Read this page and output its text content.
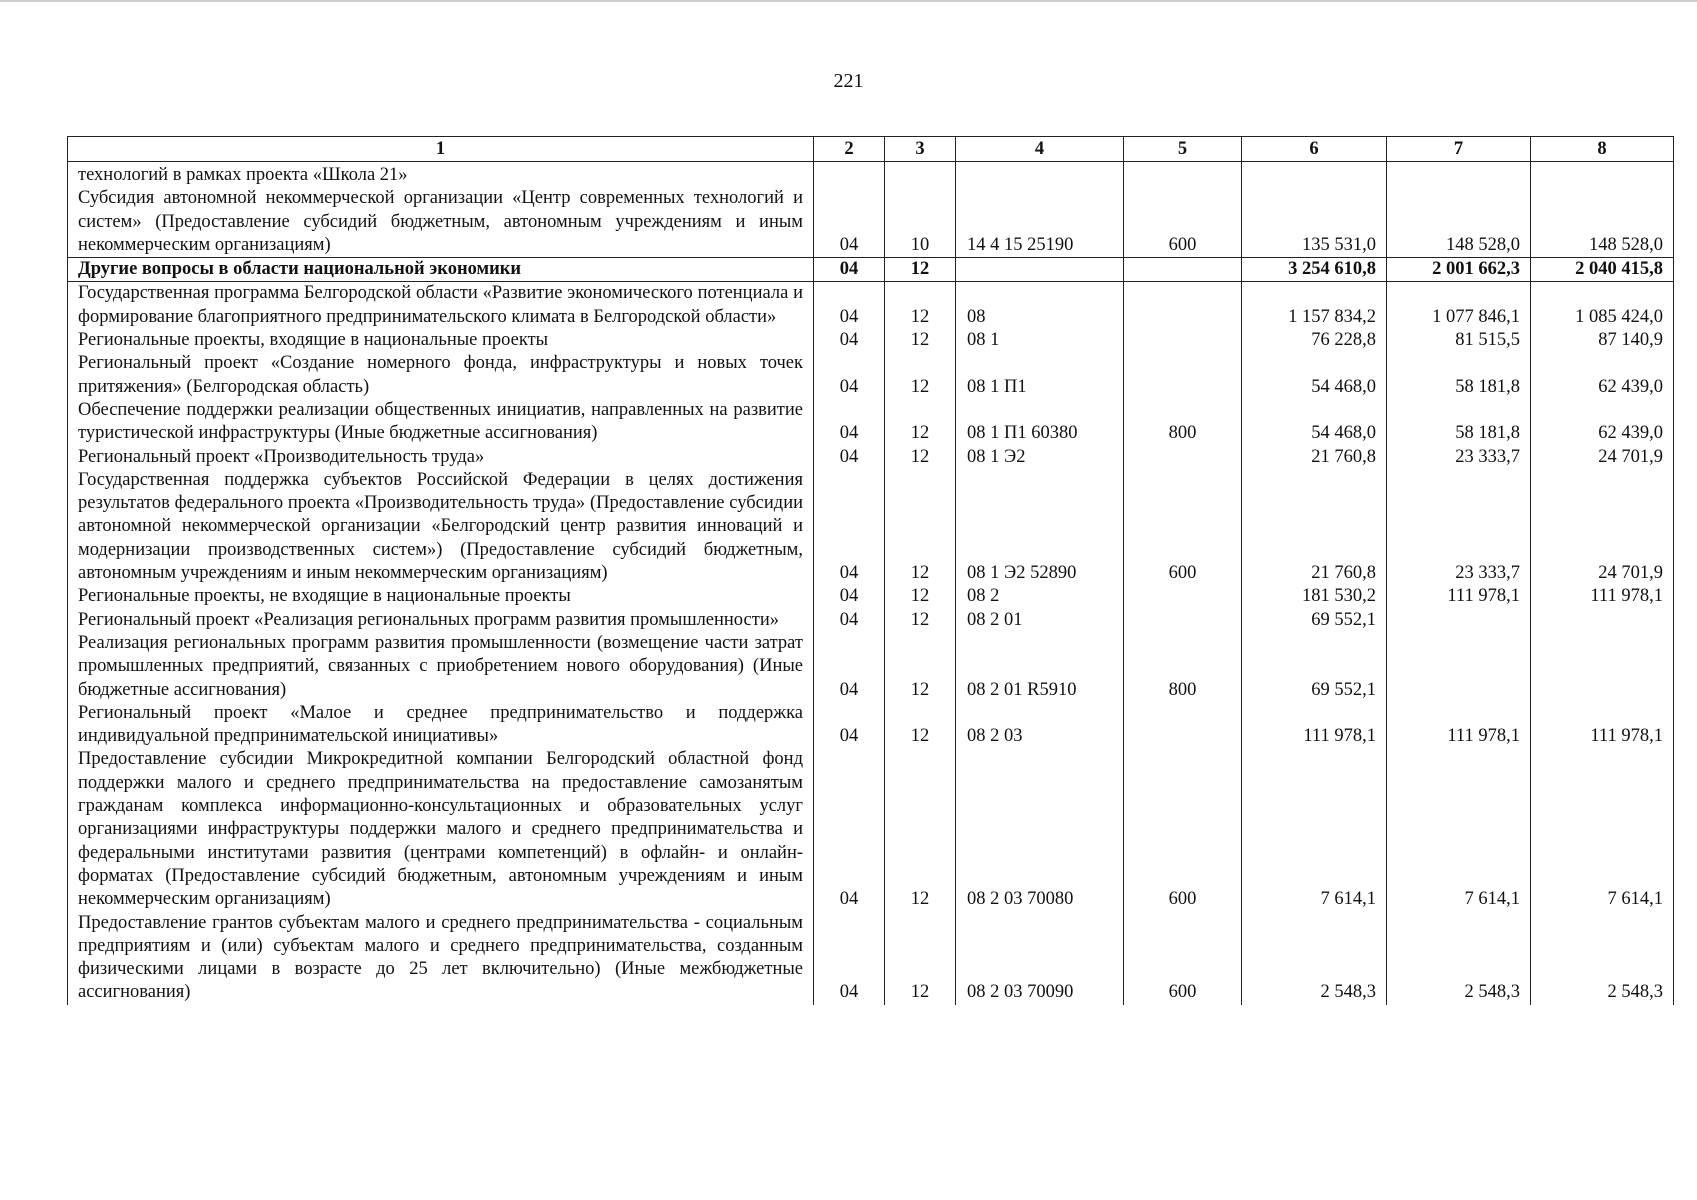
221
1	2	3	4	5	6	7	8

технологий в рамках проекта «Школа 21»
Субсидия автономной некоммерческой организации «Центр современных технологий и систем» (Предоставление субсидий бюджетным, автономным учреждениям и иным некоммерческим организациям)	04	10	14 4 15 25190	600	135 531,0	148 528,0	148 528,0
Другие вопросы в области национальной экономики	04	12			3 254 610,8	2 001 662,3	2 040 415,8
Государственная программа Белгородской области «Развитие экономического потенциала и формирование благоприятного предпринимательского климата в Белгородской области»	04	12	08		1 157 834,2	1 077 846,1	1 085 424,0
Региональные проекты, входящие в национальные проекты	04	12	08 1		76 228,8	81 515,5	87 140,9
Региональный проект «Создание номерного фонда, инфраструктуры и новых точек притяжения» (Белгородская область)	04	12	08 1 П1		54 468,0	58 181,8	62 439,0
Обеспечение поддержки реализации общественных инициатив, направленных на развитие туристической инфраструктуры (Иные бюджетные ассигнования)	04	12	08 1 П1 60380	800	54 468,0	58 181,8	62 439,0
Региональный проект «Производительность труда»	04	12	08 1 Э2		21 760,8	23 333,7	24 701,9
Государственная поддержка субъектов Российской Федерации в целях достижения результатов федерального проекта «Производительность труда» (Предоставление субсидии автономной некоммерческой организации «Белгородский центр развития инноваций и модернизации производственных систем») (Предоставление субсидий бюджетным, автономным учреждениям и иным некоммерческим организациям)	04	12	08 1 Э2 52890	600	21 760,8	23 333,7	24 701,9
Региональные проекты, не входящие в национальные проекты	04	12	08 2		181 530,2	111 978,1	111 978,1
Региональный проект «Реализация региональных программ развития промышленности»	04	12	08 2 01		69 552,1		
Реализация региональных программ развития промышленности (возмещение части затрат промышленных предприятий, связанных с приобретением нового оборудования) (Иные бюджетные ассигнования)	04	12	08 2 01 R5910	800	69 552,1		
Региональный проект «Малое и среднее предпринимательство и поддержка индивидуальной предпринимательской инициативы»	04	12	08 2 03		111 978,1	111 978,1	111 978,1
Предоставление субсидии Микрокредитной компании Белгородский областной фонд поддержки малого и среднего предпринимательства на предоставление самозанятым гражданам комплекса информационно-консультационных и образовательных услуг организациями инфраструктуры поддержки малого и среднего предпринимательства и федеральными институтами развития (центрами компетенций) в офлайн- и онлайн-форматах (Предоставление субсидий бюджетным, автономным учреждениям и иным некоммерческим организациям)	04	12	08 2 03 70080	600	7 614,1	7 614,1	7 614,1
Предоставление грантов субъектам малого и среднего предпринимательства - социальным предприятиям и (или) субъектам малого и среднего предпринимательства, созданным физическими лицами в возрасте до 25 лет включительно) (Иные межбюджетные ассигнования)	04	12	08 2 03 70090	600	2 548,3	2 548,3	2 548,3
